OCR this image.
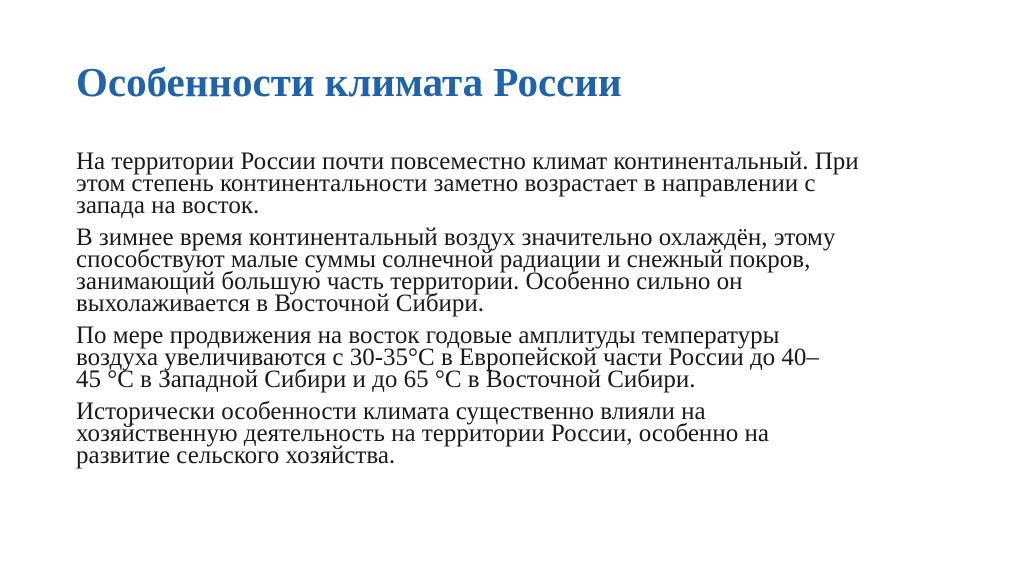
Особенности климата России

На территории России почти повсеместно климат континентальный. При
этом степень континентальности заметно возрастает в направлении с
запада на восток.

В зимнее время континентальный воздух значительно охлаждён, этому
способствуют малые суммы солнечной радиации и снежный покров,
занимающий большую часть территории. Особенно сильно он
выхолаживается в Восточной Сибири.

По мере продвижения на восток годовые амплитуды температуры
воздуха увеличиваются с 30-35°С в Европейской части России до 40–
45 °С в Западной Сибири и до 65 °С в Восточной Сибири.

Исторически особенности климата существенно влияли на
хозяйственную деятельность на территории России, особенно на
развитие сельского хозяйства.
